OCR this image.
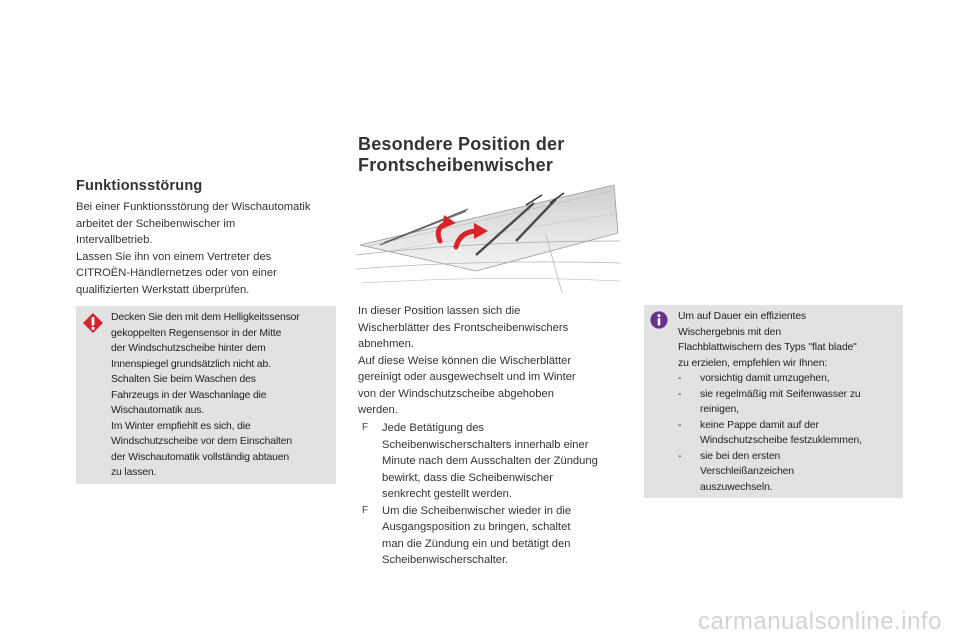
Funktionsstörung
Bei einer Funktionsstörung der Wischautomatik
arbeitet der Scheibenwischer im
Intervallbetrieb.
Lassen Sie ihn von einem Vertreter des
CITROËN-Händlernetzes oder von einer
qualifizierten Werkstatt überprüfen.
Decken Sie den mit dem Helligkeitssensor
gekoppelten Regensensor in der Mitte
der Windschutzscheibe hinter dem
Innenspiegel grundsätzlich nicht ab.
Schalten Sie beim Waschen des
Fahrzeugs in der Waschanlage die
Wischautomatik aus.
Im Winter empfiehlt es sich, die
Windschutzscheibe vor dem Einschalten
der Wischautomatik vollständig abtauen
zu lassen.
Besondere Position der
Frontscheibenwischer
In dieser Position lassen sich die
Wischerblätter des Frontscheibenwischers
abnehmen.
Auf diese Weise können die Wischerblätter
gereinigt oder ausgewechselt und im Winter
von der Windschutzscheibe abgehoben
werden.
F Jede Betätigung des
Scheibenwischerschalters innerhalb einer
Minute nach dem Ausschalten der Zündung
bewirkt, dass die Scheibenwischer
senkrecht gestellt werden.
F Um die Scheibenwischer wieder in die
Ausgangsposition zu bringen, schaltet
man die Zündung ein und betätigt den
Scheibenwischerschalter.
Um auf Dauer ein effizientes
Wischergebnis mit den
Flachblattwischern des Typs "flat blade"
zu erzielen, empfehlen wir Ihnen:
- vorsichtig damit umzugehen,
- sie regelmäßig mit Seifenwasser zu
reinigen,
- keine Pappe damit auf der
Windschutzscheibe festzuklemmen,
- sie bei den ersten
Verschleißanzeichen
auszuwechseln.
carmanualsonline.info
